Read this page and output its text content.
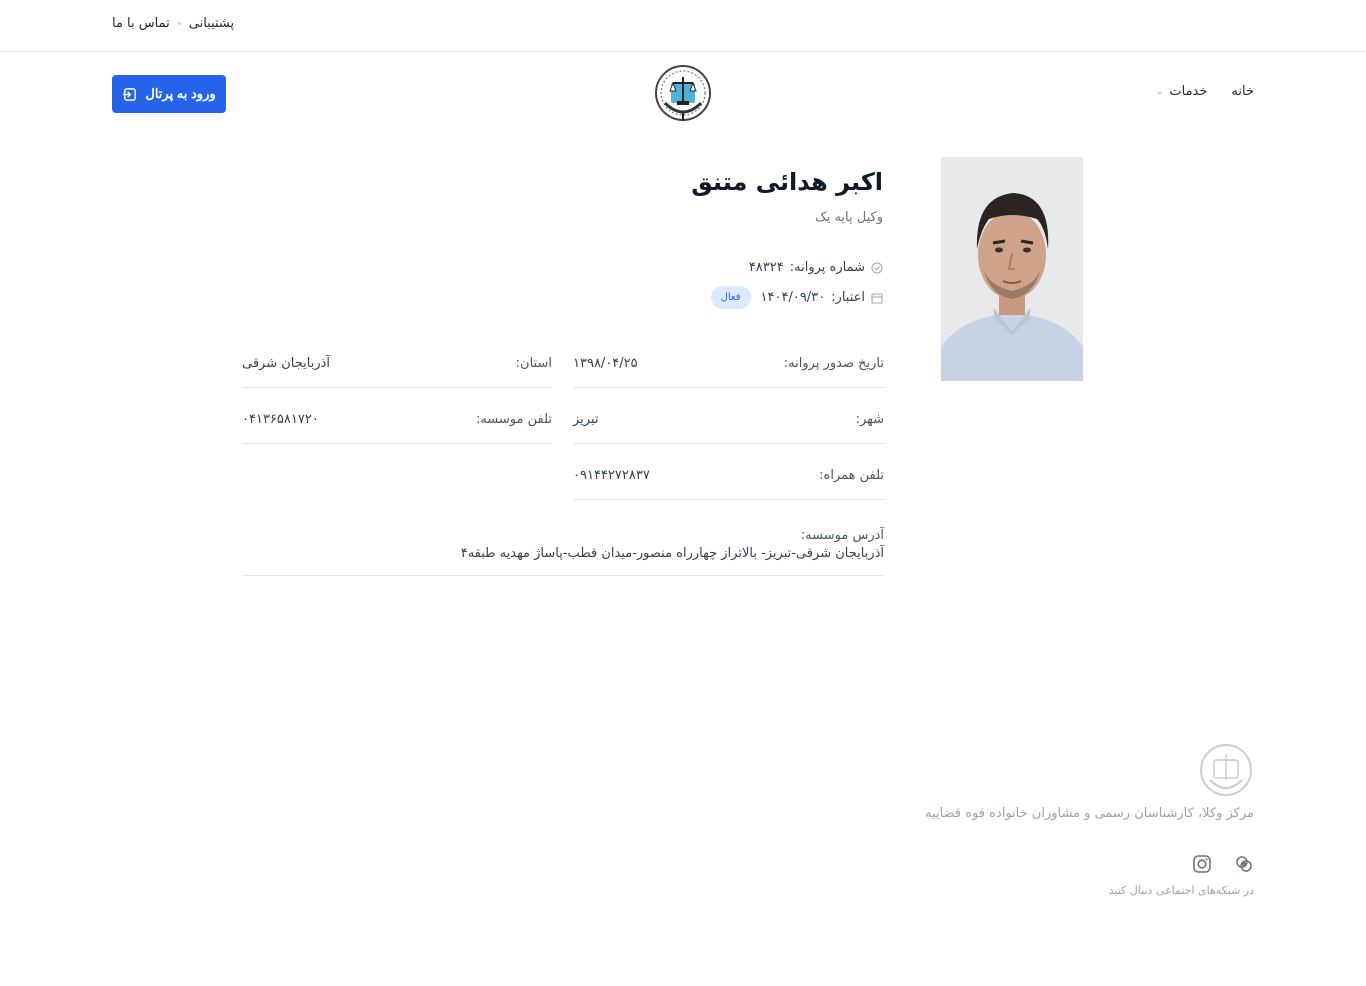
پشتیبانی
تماس با ما
خانه
خدمات
⌄
ورود به پرتال
اکبر هدائی متنق
وکیل پایه یک
شماره پروانه:
۴۸۳۲۴
اعتبار:
۱۴۰۴/۰۹/۳۰
فعال
تاریخ صدور پروانه:
۱۳۹۸/۰۴/۲۵
استان:
آذربایجان شرقی
شهر:
تبریز
تلفن موسسه:
۰۴۱۳۶۵۸۱۷۲۰
تلفن همراه:
۰۹۱۴۴۲۷۲۸۳۷
آدرس موسسه:
آذربایجان شرقی-تبریز- بالاتراز چهارراه منصور-میدان قطب-پاساژ مهدیه طبقه۴
مرکز وکلا، کارشناسان رسمی و مشاوران خانواده قوه قضاییه
در شبکه‌های اجتماعی دنبال کنید
